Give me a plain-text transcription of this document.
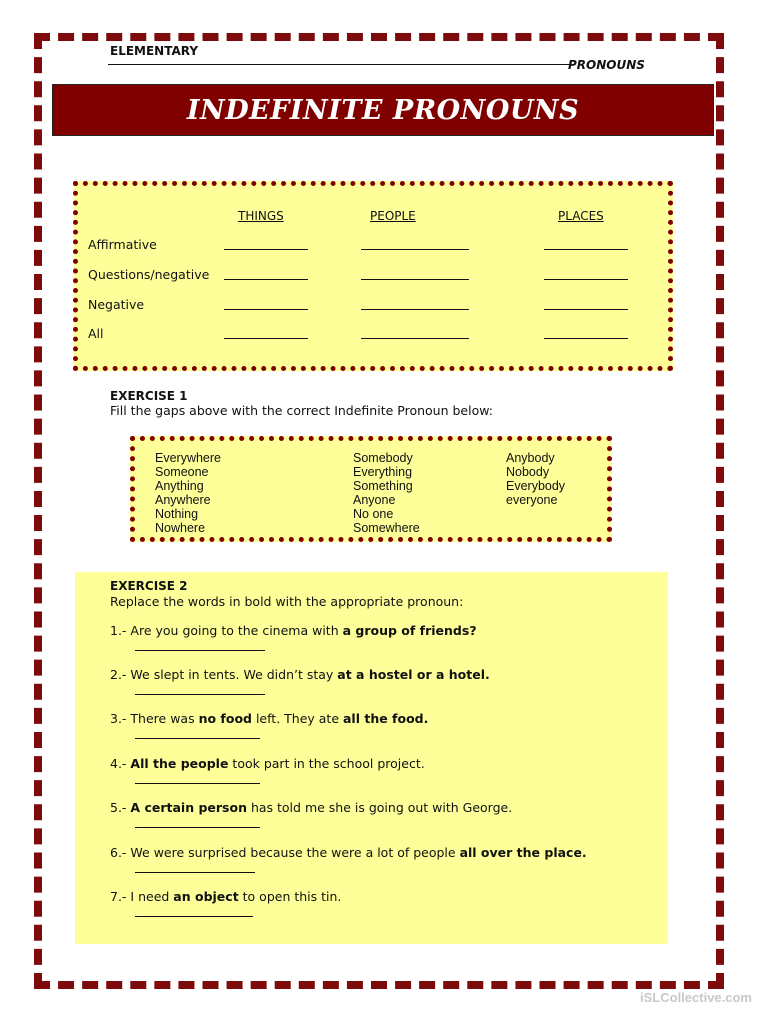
ELEMENTARY
PRONOUNS
INDEFINITE PRONOUNS
THINGS	PEOPLE	PLACES
Affirmative
Questions/negative
Negative
All
EXERCISE 1
Fill the gaps above with the correct Indefinite Pronoun below:
Everywhere
Someone
Anything
Anywhere
Nothing
Nowhere
Somebody
Everything
Something
Anyone
No one
Somewhere
Anybody
Nobody
Everybody
everyone
EXERCISE 2
Replace the words in bold with the appropriate pronoun:
1.- Are you going to the cinema with a group of friends?
2.- We slept in tents. We didn’t stay at a hostel or a hotel.
3.- There was no food left. They ate all the food.
4.- All the people took part in the school project.
5.- A certain person has told me she is going out with George.
6.- We were surprised because the were a lot of people all over the place.
7.- I need an object to open this tin.
iSLCollective.com
